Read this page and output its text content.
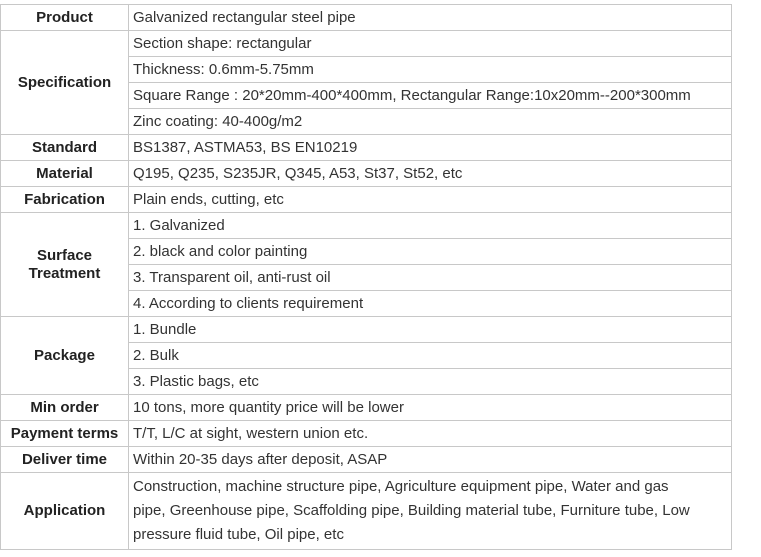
Product	Galvanized rectangular steel pipe
Specification	Section shape: rectangular
	Thickness: 0.6mm-5.75mm
	Square Range : 20*20mm-400*400mm, Rectangular Range:10x20mm--200*300mm
	Zinc coating: 40-400g/m2
Standard	BS1387, ASTMA53, BS EN10219
Material	Q195, Q235, S235JR, Q345, A53, St37, St52, etc
Fabrication	Plain ends, cutting, etc

Surface
Treatment	1. Galvanized
	2. black and color painting
	3. Transparent oil, anti-rust oil
	4. According to clients requirement
Package	1. Bundle
	2. Bulk
	3. Plastic bags, etc
Min order	10 tons, more quantity price will be lower
Payment terms	T/T, L/C at sight, western union etc.
Deliver time	Within 20-35 days after deposit, ASAP
Application	Construction, machine structure pipe, Agriculture equipment pipe, Water and gas
pipe, Greenhouse pipe, Scaffolding pipe, Building material tube, Furniture tube, Low
pressure fluid tube, Oil pipe, etc
